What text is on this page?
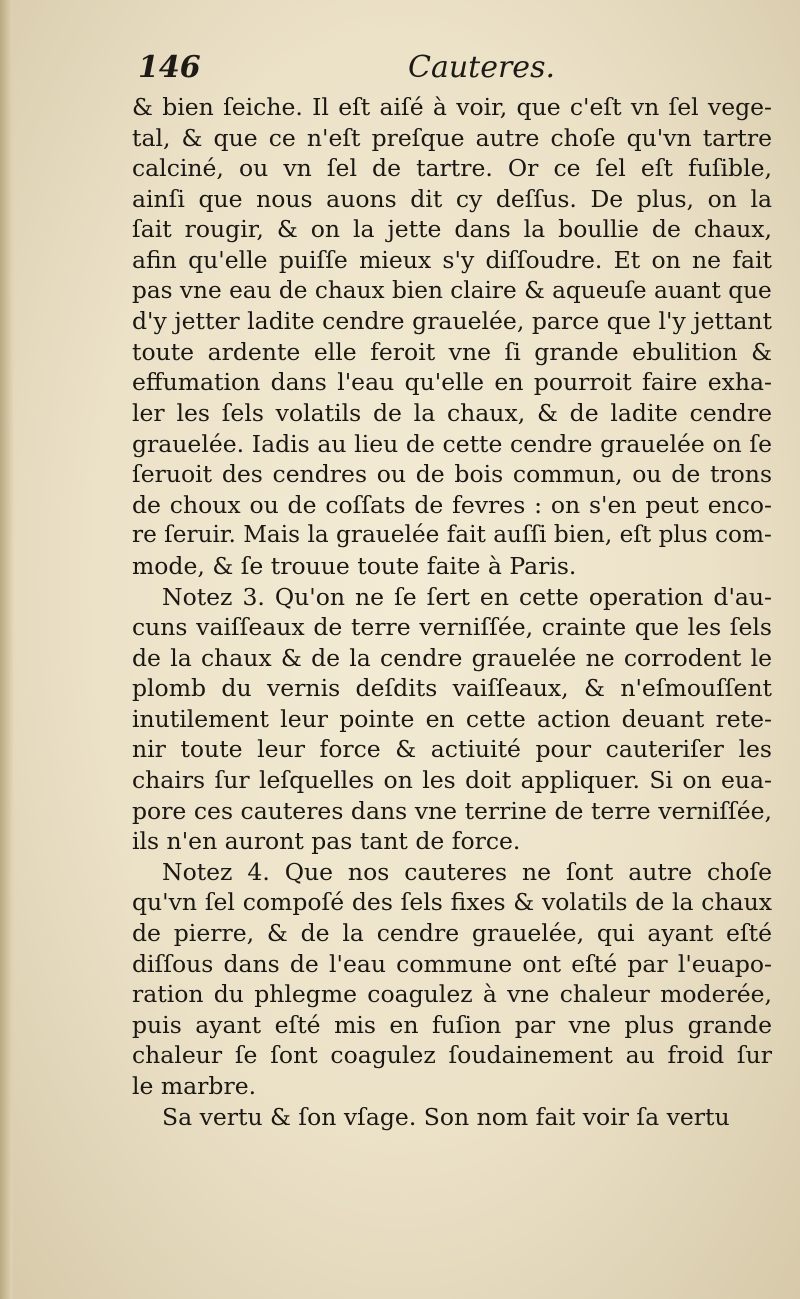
146	Cauteres.
& bien ſeiche. Il eſt aiſé à voir, que c'eſt vn ſel vege-
tal, & que ce n'eſt preſque autre choſe qu'vn tartre
calciné, ou vn ſel de tartre. Or ce ſel eſt fuſible,
ainſi que nous auons dit cy deſſus. De plus, on la
ſait rougir, & on la jette dans la boullie de chaux,
afin qu'elle puiſſe mieux s'y diſſoudre. Et on ne fait
pas vne eau de chaux bien claire & aqueuſe auant que
d'y jetter ladite cendre grauelée, parce que l'y jettant
toute ardente elle feroit vne ſi grande ebulition &
effumation dans l'eau qu'elle en pourroit faire exha-
ler les ſels volatils de la chaux, & de ladite cendre
grauelée. Iadis au lieu de cette cendre grauelée on ſe
ſeruoit des cendres ou de bois commun, ou de trons
de choux ou de coſſats de fevres : on s'en peut enco-
re ſeruir. Mais la grauelée fait auſſi bien, eſt plus com-
mode, & ſe trouue toute faite à Paris.
Notez 3. Qu'on ne ſe ſert en cette operation d'au-
cuns vaiſſeaux de terre verniſſée, crainte que les ſels
de la chaux & de la cendre grauelée ne corrodent le
plomb du vernis deſdits vaiſſeaux, & n'eſmouſſent
inutilement leur pointe en cette action deuant rete-
nir toute leur force & actiuité pour cauteriſer les
chairs ſur leſquelles on les doit appliquer. Si on eua-
pore ces cauteres dans vne terrine de terre verniſſée,
ils n'en auront pas tant de force.
Notez 4. Que nos cauteres ne ſont autre choſe
qu'vn ſel compoſé des ſels fixes & volatils de la chaux
de pierre, & de la cendre grauelée, qui ayant eſté
diſſous dans de l'eau commune ont eſté par l'euapo-
ration du phlegme coagulez à vne chaleur moderée,
puis ayant eſté mis en fuſion par vne plus grande
chaleur ſe ſont coagulez ſoudainement au froid ſur
le marbre.
Sa vertu & ſon vſage. Son nom fait voir ſa vertu
